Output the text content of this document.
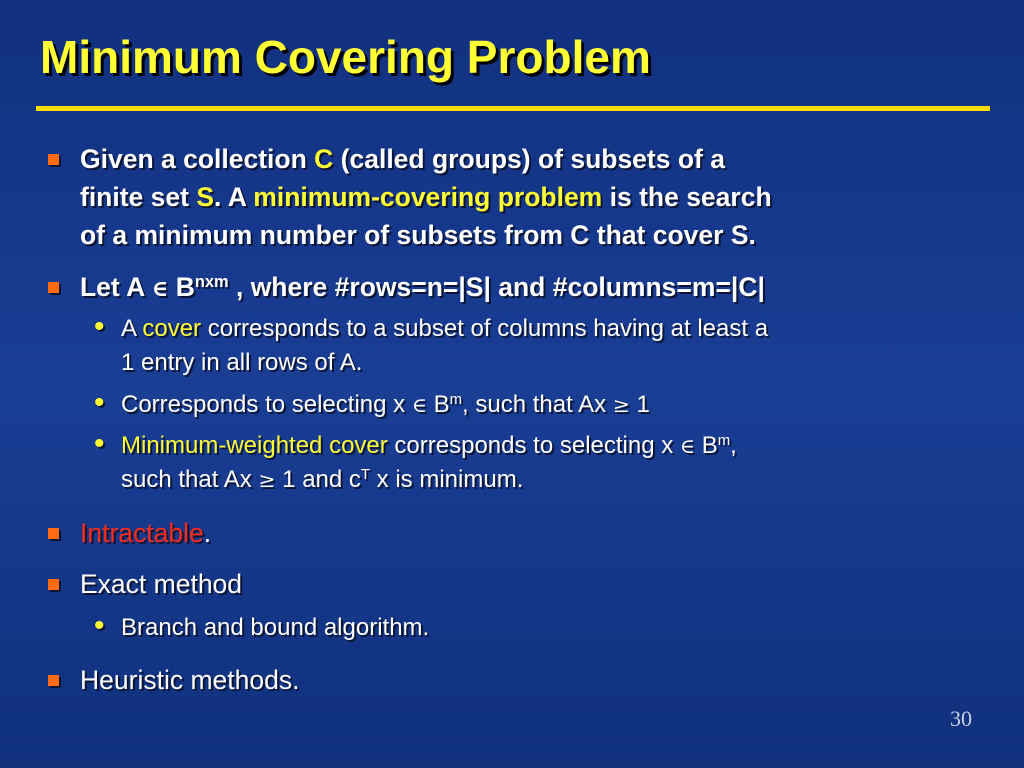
Minimum Covering Problem
Given a collection C (called groups) of subsets of a
finite set S. A minimum-covering problem is the search
of a minimum number of subsets from C that cover S.
Let A ∈ $B^{nxm}$ , where #rows=n=|S| and #columns=m=|C|
• A cover corresponds to a subset of columns having at least a
1 entry in all rows of A.
• Corresponds to selecting x ∈ $B^m$, such that Ax ≥ 1
• Minimum-weighted cover corresponds to selecting x ∈ $B^m$,
such that Ax ≥ 1 and $c^T$ x is minimum.
Intractable.
Exact method
• Branch and bound algorithm.
Heuristic methods.
30
